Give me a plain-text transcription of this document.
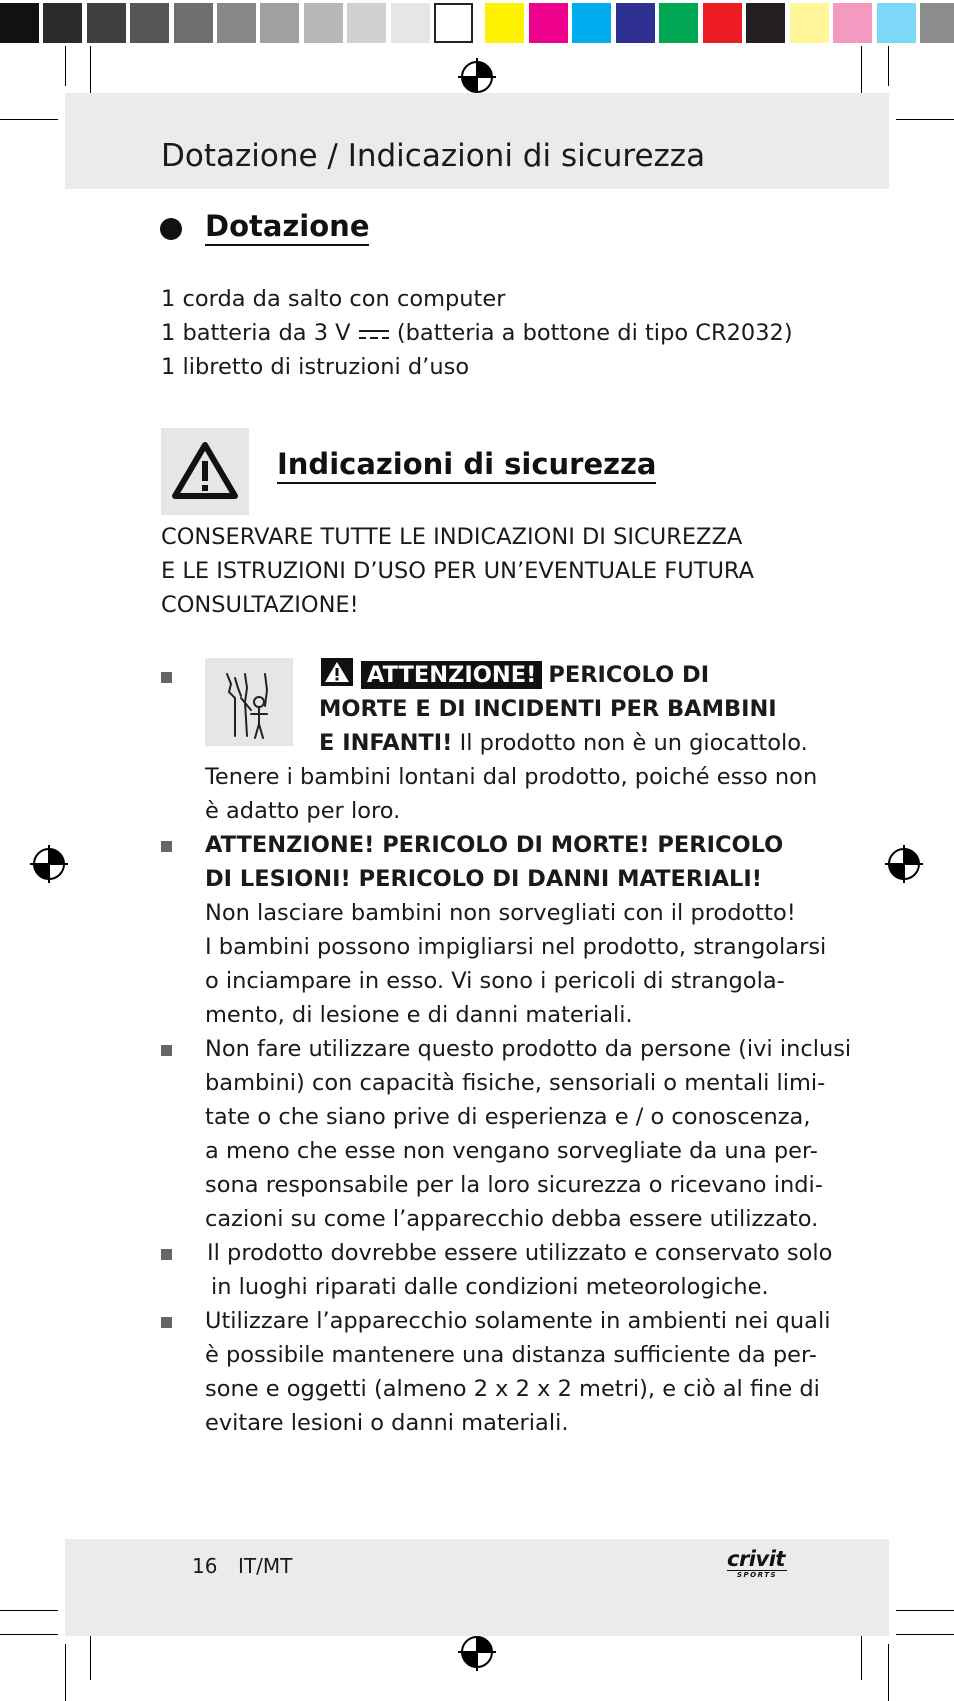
Dotazione / Indicazioni di sicurezza
Dotazione
1 corda da salto con computer
1 batteria da 3 V (batteria a bottone di tipo CR2032)
1 libretto di istruzioni d’uso
Indicazioni di sicurezza
CONSERVARE TUTTE LE INDICAZIONI DI SICUREZZA
E LE ISTRUZIONI D’USO PER UN’EVENTUALE FUTURA
CONSULTAZIONE!
ATTENZIONE! PERICOLO DI
MORTE E DI INCIDENTI PER BAMBINI
E INFANTI! Il prodotto non è un giocattolo.
Tenere i bambini lontani dal prodotto, poiché esso non
è adatto per loro.
ATTENZIONE! PERICOLO DI MORTE! PERICOLO
DI LESIONI! PERICOLO DI DANNI MATERIALI!
Non lasciare bambini non sorvegliati con il prodotto!
I bambini possono impigliarsi nel prodotto, strangolarsi
o inciampare in esso. Vi sono i pericoli di strangola-
mento, di lesione e di danni materiali.
Non fare utilizzare questo prodotto da persone (ivi inclusi
bambini) con capacità fisiche, sensoriali o mentali limi-
tate o che siano prive di esperienza e / o conoscenza,
a meno che esse non vengano sorvegliate da una per-
sona responsabile per la loro sicurezza o ricevano indi-
cazioni su come l’apparecchio debba essere utilizzato.
Il prodotto dovrebbe essere utilizzato e conservato solo
in luoghi riparati dalle condizioni meteorologiche.
Utilizzare l’apparecchio solamente in ambienti nei quali
è possibile mantenere una distanza sufficiente da per-
sone e oggetti (almeno 2 x 2 x 2 metri), e ciò al fine di
evitare lesioni o danni materiali.
16 IT/MT	crivit
SPORTS
